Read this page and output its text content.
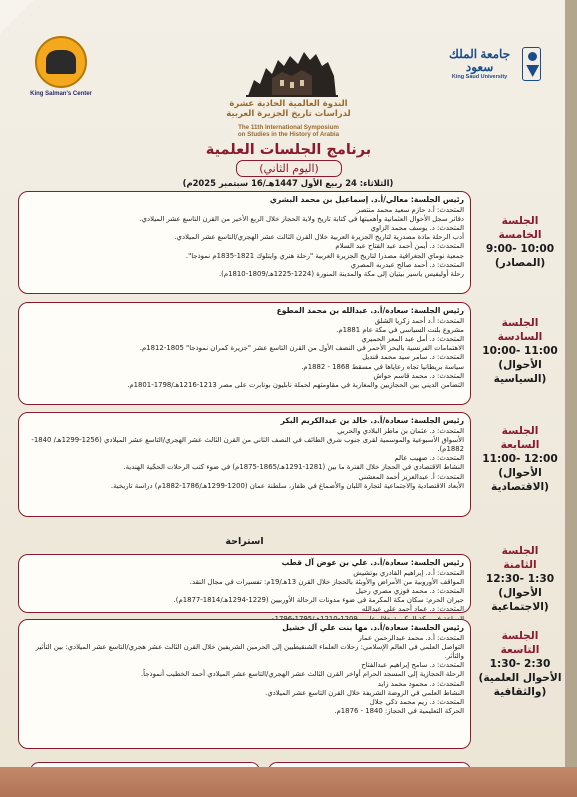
King Salman's Center
جامعة الملك سعود
King Saud University
الندوة العالمية الحادية عشرة
لدراسات تاريخ الجزيرة العربية
The 11th International Symposium
on Studies in the History of Arabia
برنامج الجلسات العلمية
(اليوم الثاني)
(الثلاثاء: 24 ربيع الأول 1447هـ/16 سبتمبر 2025م)
الجلسة
الخامسة
9:00- 10:00
(المصادر)
رئيس الجلسة: معالي/أ.د. إسماعيل بن محمد البشري
المتحدث: أ.د حازم سعيد محمد منتصر
دفاتر سجل الأحوال العثمانية وأهميتها في كتابة تاريخ ولاية الحجاز خلال الربع الأخير من القرن التاسع عشر الميلادي.
المتحدث: د. يوسف محمد الزاوي
أدب الرحلة مادة مصدرية لتاريخ الجزيرة العربية خلال القرن الثالث عشر الهجري/التاسع عشر الميلادي.
المتحدث: د. أيمن أحمد عبد الفتاح عبد السلام
جمعية نوماي الجغرافية مصدرا لتاريخ الجزيرة العربية "رحلة هنري وايتلوك 1821-1835م نموذجا".
المتحدث: د. أحمد صالح عبدربه المصري
رحلة أوليفيس ياسير بيتيان إلى مكة والمدينة المنورة (1224-1225هـ/1809-1810م).
الجلسة
السادسة
10:00- 11:00
(الأحوال السياسية)
رئيس الجلسة: سعادة/أ.د. عبدالله بن محمد المطوع
المتحدث: أ.د أحمد زكريا الشلق
مشروع بلنت السياسي في مكة عام 1881م.
المتحدث: د. أمل عبد المعز الحميري
الاهتمامات الفرنسية بالبحر الأحمر في النصف الأول من القرن التاسع عشر "جزيرة كمران نموذجا" 1805-1812م.
المتحدث: د. سامر سيد محمد قنديل
سياسة بريطانيا تجاه رعاياها في مسقط 1868 - 1882م.
المتحدث: د. محمد قاسم حواش
التضامن الديني بين الحجازيين والمغاربة في مقاومتهم لحملة نابليون بونابرت على مصر 1213-1216هـ/1798-1801م.
الجلسة
السابعة
11:00- 12:00
(الأحوال الاقتصادية)
رئيس الجلسة: سعادة/أ.د. خالد بن عبدالكريم البكر
المتحدث: د. عثمان بن ماطر البلادي والحربي
الأسواق الأسبوعية والموسمية لقرى جنوب شرق الطائف في النصف الثاني من القرن الثالث عشر الهجري/التاسع عشر الميلادي (1256-1299هـ/ 1840-1882م).
المتحدث: د. صهيب عالم
النشاط الاقتصادي في الحجاز خلال الفترة ما بين (1281-1291هـ/1865-1875م) في ضوء كتب الرحلات الحجّية الهندية.
المتحدث: أ. عبدالعزيز أحمد المعشني
الأبعاد الاقتصادية والاجتماعية لتجارة اللبان والأصماغ في ظفار، سلطنة عمان (1200-1299هـ/1786-1882م) دراسة تاريخية.
استراحة
الجلسة
الثامنة
12:30- 1:30
(الأحوال الاجتماعية)
رئيس الجلسة: سعادة/أ.د. علي بن عوض آل قطب
المتحدث: أ.د. إبراهيم القادري بوتشيش
المواقف الأوروبية من الأمراض والأوبئة بالحجاز خلال القرن 13هـ/19م: تفسيرات في مجال النقد.
المتحدث: د. محمد فوزي مصري رحيل
جيران الحرم: سكان مكة المكرمة في ضوء مدونات الرحالة الأوربيين (1229-1294هـ/1814-1877م).
المتحدث: د. عماد أحمد علي عبدالله
الجلسة
التاسعة
1:30- 2:30
(الأحوال العلمية والثقافية)
رئيس الجلسة: سعادة/أ.د. مها بنت علي آل خشيل
المتحدث: أ.د. محمد عبدالرحمن عمار
التواصل العلمي في العالم الإسلامي: رحلات العلماء الشنقيطيين إلى الحرمين الشريفين خلال القرن الثالث عشر هجري/التاسع عشر الميلادي: بين التأثير والتأثر.
المتحدث: د. سامح إبراهيم عبدالفتاح
الرحلة الحجازية إلى المسجد الحرام أواخر القرن الثالث عشر الهجري/التاسع عشر الميلادي أحمد الخطيب أنموذجاً.
المتحدث: د. محمود محمد زايد
النشاط العلمي في الروضة الشريفة خلال القرن التاسع عشر الميلادي.
المتحدث: د. ريم محمد ذكي جلال
الحركة التعليمية في الحجاز: 1840 - 1876م.
